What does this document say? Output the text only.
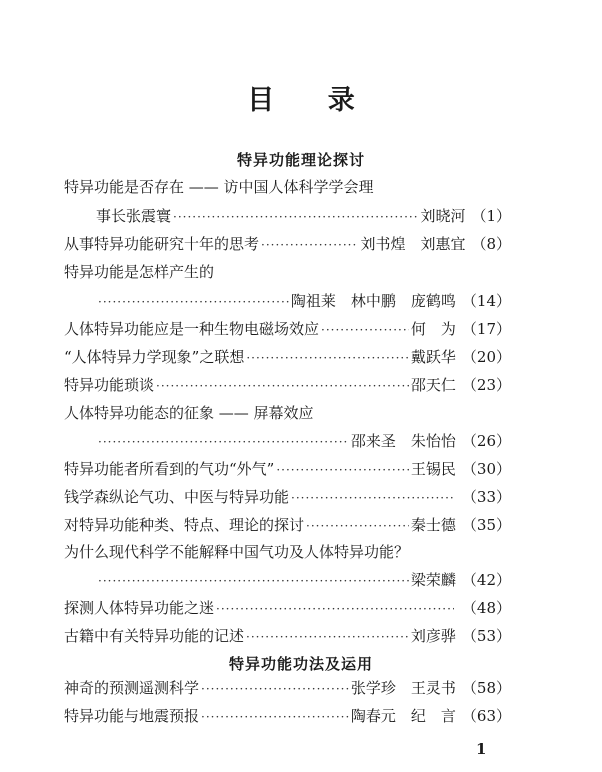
目 录
特异功能理论探讨
特异功能是否存在 —— 访中国人体科学学会理
事长张震寰 ·····	刘晓河 （1）
从事特异功能研究十年的思考 ·····	刘书煌　刘惠宜 （8）
特异功能是怎样产生的
·····
陶祖莱　林中鹏　庞鹤鸣 （14）
人体特异功能应是一种生物电磁场效应 ·····	何　为 （17）
“人体特异力学现象”之联想 ·····	戴跃华 （20）
特异功能琐谈 ·····	邵天仁 （23）
人体特异功能态的征象 —— 屏幕效应
·····
邵来圣　朱怡怡 （26）
特异功能者所看到的气功“外气” ·····	王锡民 （30）
钱学森纵论气功、中医与特异功能 ·····	（33）
对特异功能种类、特点、理论的探讨 ·····	秦士德 （35）
为什么现代科学不能解释中国气功及人体特异功能？
·····
梁荣麟 （42）
探测人体特异功能之迷 ·····	（48）
古籍中有关特异功能的记述 ·····	刘彦骅 （53）
特异功能功法及运用
神奇的预测遥测科学 ·····	张学珍　王灵书 （58）
特异功能与地震预报 ·····	陶春元　纪　言 （63）
1
